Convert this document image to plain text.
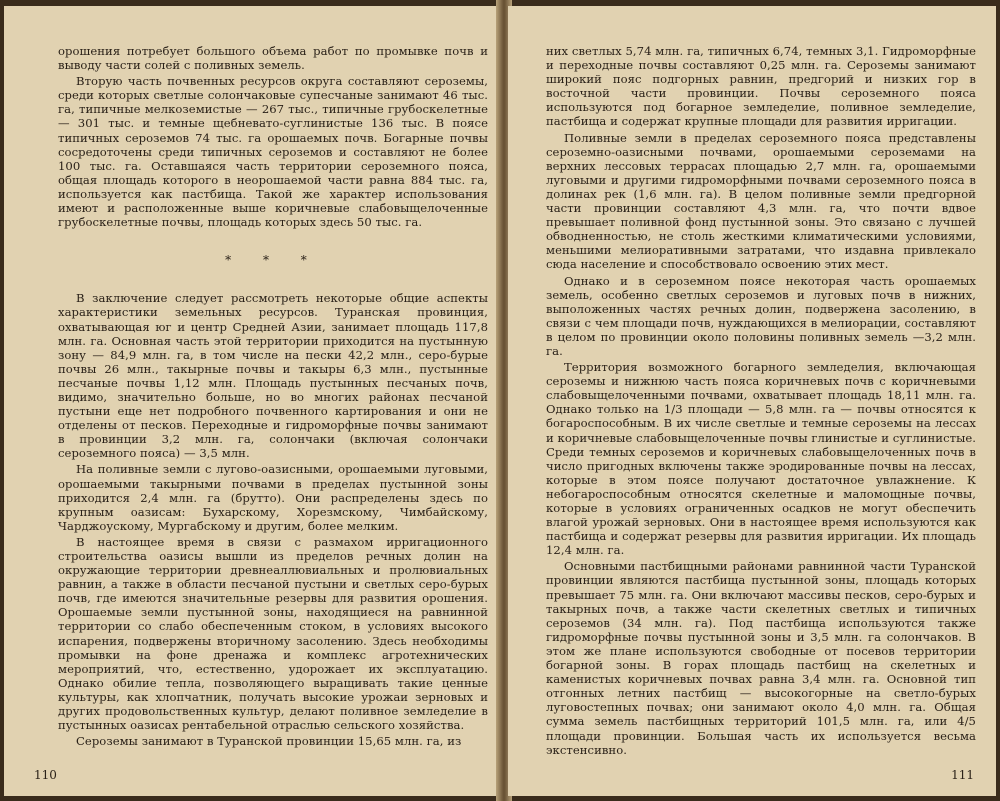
орошения потребует большого объема работ по промывке почв и выводу части солей с поливных земель.

Вторую часть почвенных ресурсов округа составляют сероземы, среди которых светлые солончаковые супесчаные занимают 46 тыс. га, типичные мелкоземистые — 267 тыс., типичные грубоскелетные — 301 тыс. и темные щебневато-суглинистые 136 тыс. В поясе типичных сероземов 74 тыс. га орошаемых почв. Богарные почвы сосредоточены среди типичных сероземов и составляют не более 100 тыс. га. Оставшаяся часть территории сероземного пояса, общая площадь которого в неорошаемой части равна 884 тыс. га, используется как пастбища. Такой же характер использования имеют и расположенные выше коричневые слабовыщелоченные грубоскелетные почвы, площадь которых здесь 50 тыс. га.

* * *

В заключение следует рассмотреть некоторые общие аспекты характеристики земельных ресурсов. Туранская провинция, охватывающая юг и центр Средней Азии, занимает площадь 117,8 млн. га. Основная часть этой территории приходится на пустынную зону — 84,9 млн. га, в том числе на пески 42,2 млн., серо-бурые почвы 26 млн., такырные почвы и такыры 6,3 млн., пустынные песчаные почвы 1,12 млн. Площадь пустынных песчаных почв, видимо, значительно больше, но во многих районах песчаной пустыни еще нет подробного почвенного картирования и они не отделены от песков. Переходные и гидроморфные почвы занимают в провинции 3,2 млн. га, солончаки (включая солончаки сероземного пояса) — 3,5 млн.

На поливные земли с лугово-оазисными, орошаемыми луговыми, орошаемыми такырными почвами в пределах пустынной зоны приходится 2,4 млн. га (брутто). Они распределены здесь по крупным оазисам: Бухарскому, Хорезмскому, Чимбайскому, Чарджоускому, Мургабскому и другим, более мелким.

В настоящее время в связи с размахом ирригационного строительства оазисы вышли из пределов речных долин на окружающие территории древнеаллювиальных и пролювиальных равнин, а также в области песчаной пустыни и светлых серо-бурых почв, где имеются значительные резервы для развития орошения. Орошаемые земли пустынной зоны, находящиеся на равнинной территории со слабо обеспеченным стоком, в условиях высокого испарения, подвержены вторичному засолению. Здесь необходимы промывки на фоне дренажа и комплекс агротехнических мероприятий, что, естественно, удорожает их эксплуатацию. Однако обилие тепла, позволяющего выращивать такие ценные культуры, как хлопчатник, получать высокие урожаи зерновых и других продовольственных культур, делают поливное земледелие в пустынных оазисах рентабельной отраслью сельского хозяйства.

Сероземы занимают в Туранской провинции 15,65 млн. га, из

110

них светлых 5,74 млн. га, типичных 6,74, темных 3,1. Гидроморфные и переходные почвы составляют 0,25 млн. га. Сероземы занимают широкий пояс подгорных равнин, предгорий и низких гор в восточной части провинции. Почвы сероземного пояса используются под богарное земледелие, поливное земледелие, пастбища и содержат крупные площади для развития ирригации.

Поливные земли в пределах сероземного пояса представлены сероземно-оазисными почвами, орошаемыми сероземами на верхних лессовых террасах площадью 2,7 млн. га, орошаемыми луговыми и другими гидроморфными почвами сероземного пояса в долинах рек (1,6 млн. га). В целом поливные земли предгорной части провинции составляют 4,3 млн. га, что почти вдвое превышает поливной фонд пустынной зоны. Это связано с лучшей обводненностью, не столь жесткими климатическими условиями, меньшими мелиоративными затратами, что издавна привлекало сюда население и способствовало освоению этих мест.

Однако и в сероземном поясе некоторая часть орошаемых земель, особенно светлых сероземов и луговых почв в нижних, выположенных частях речных долин, подвержена засолению, в связи с чем площади почв, нуждающихся в мелиорации, составляют в целом по провинции около половины поливных земель —3,2 млн. га.

Территория возможного богарного земледелия, включающая сероземы и нижнюю часть пояса коричневых почв с коричневыми слабовыщелоченными почвами, охватывает площадь 18,11 млн. га. Однако только на 1/3 площади — 5,8 млн. га — почвы относятся к богароспособным. В их числе светлые и темные сероземы на лессах и коричневые слабовыщелоченные почвы глинистые и суглинистые. Среди темных сероземов и коричневых слабовыщелоченных почв в число пригодных включены также эродированные почвы на лессах, которые в этом поясе получают достаточное увлажнение. К небогароспособным относятся скелетные и маломощные почвы, которые в условиях ограниченных осадков не могут обеспечить влагой урожай зерновых. Они в настоящее время используются как пастбища и содержат резервы для развития ирригации. Их площадь 12,4 млн. га.

Основными пастбищными районами равнинной части Туранской провинции являются пастбища пустынной зоны, площадь которых превышает 75 млн. га. Они включают массивы песков, серо-бурых и такырных почв, а также части скелетных светлых и типичных сероземов (34 млн. га). Под пастбища используются также гидроморфные почвы пустынной зоны и 3,5 млн. га солончаков. В этом же плане используются свободные от посевов территории богарной зоны. В горах площадь пастбищ на скелетных и каменистых коричневых почвах равна 3,4 млн. га. Основной тип отгонных летних пастбищ — высокогорные на светло-бурых луговостепных почвах; они занимают около 4,0 млн. га. Общая сумма земель пастбищных территорий 101,5 млн. га, или 4/5 площади провинции. Большая часть их используется весьма экстенсивно.

111
